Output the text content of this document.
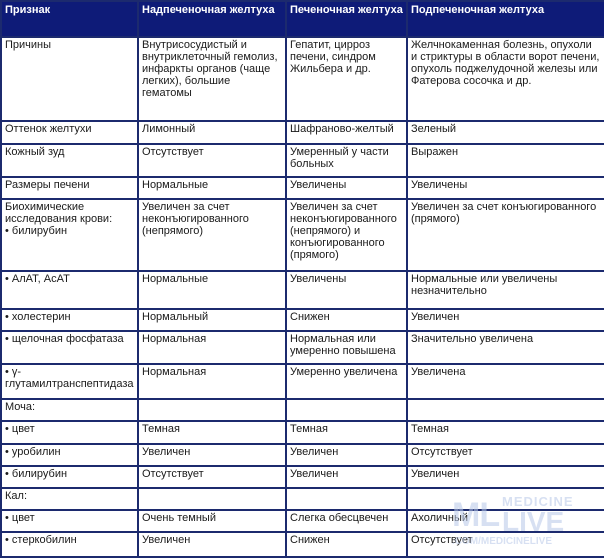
Признак	Надпеченочная желтуха	Печеночная желтуха	Подпеченочная желтуха
Причины	Внутрисосудистый и внутриклеточный гемолиз, инфаркты органов (чаще легких), большие гематомы	Гепатит, цирроз печени, синдром Жильбера и др.	Желчнокаменная болезнь, опухоли и стриктуры в области ворот печени, опухоль поджелудочной железы или Фатерова сосочка и др.
Оттенок желтухи	Лимонный	Шафраново-желтый	Зеленый
Кожный зуд	Отсутствует	Умеренный у части больных	Выражен
Размеры печени	Нормальные	Увеличены	Увеличены
Биохимические исследования крови:
• билирубин	Увеличен за счет неконъюгированного (непрямого)	Увеличен за счет неконъюгированного (непрямого) и конъюгированного (прямого)	Увеличен за счет конъюгированного (прямого)
• АлАТ, АсАТ	Нормальные	Увеличены	Нормальные или увеличены незначительно
• холестерин	Нормальный	Снижен	Увеличен
• щелочная фосфатаза	Нормальная	Нормальная или умеренно повышена	Значительно увеличена
• γ-глутамилтранспептидаза	Нормальная	Умеренно увеличена	Увеличена
Моча:			
• цвет	Темная	Темная	Темная
• уробилин	Увеличен	Увеличен	Отсутствует
• билирубин	Отсутствует	Увеличен	Увеличен
Кал:			
• цвет	Очень темный	Слегка обесцвечен	Ахоличный
• стеркобилин	Увеличен	Снижен	Отсутствует
ML MEDICINE
LIVE
.COM/MEDICINELIVE
